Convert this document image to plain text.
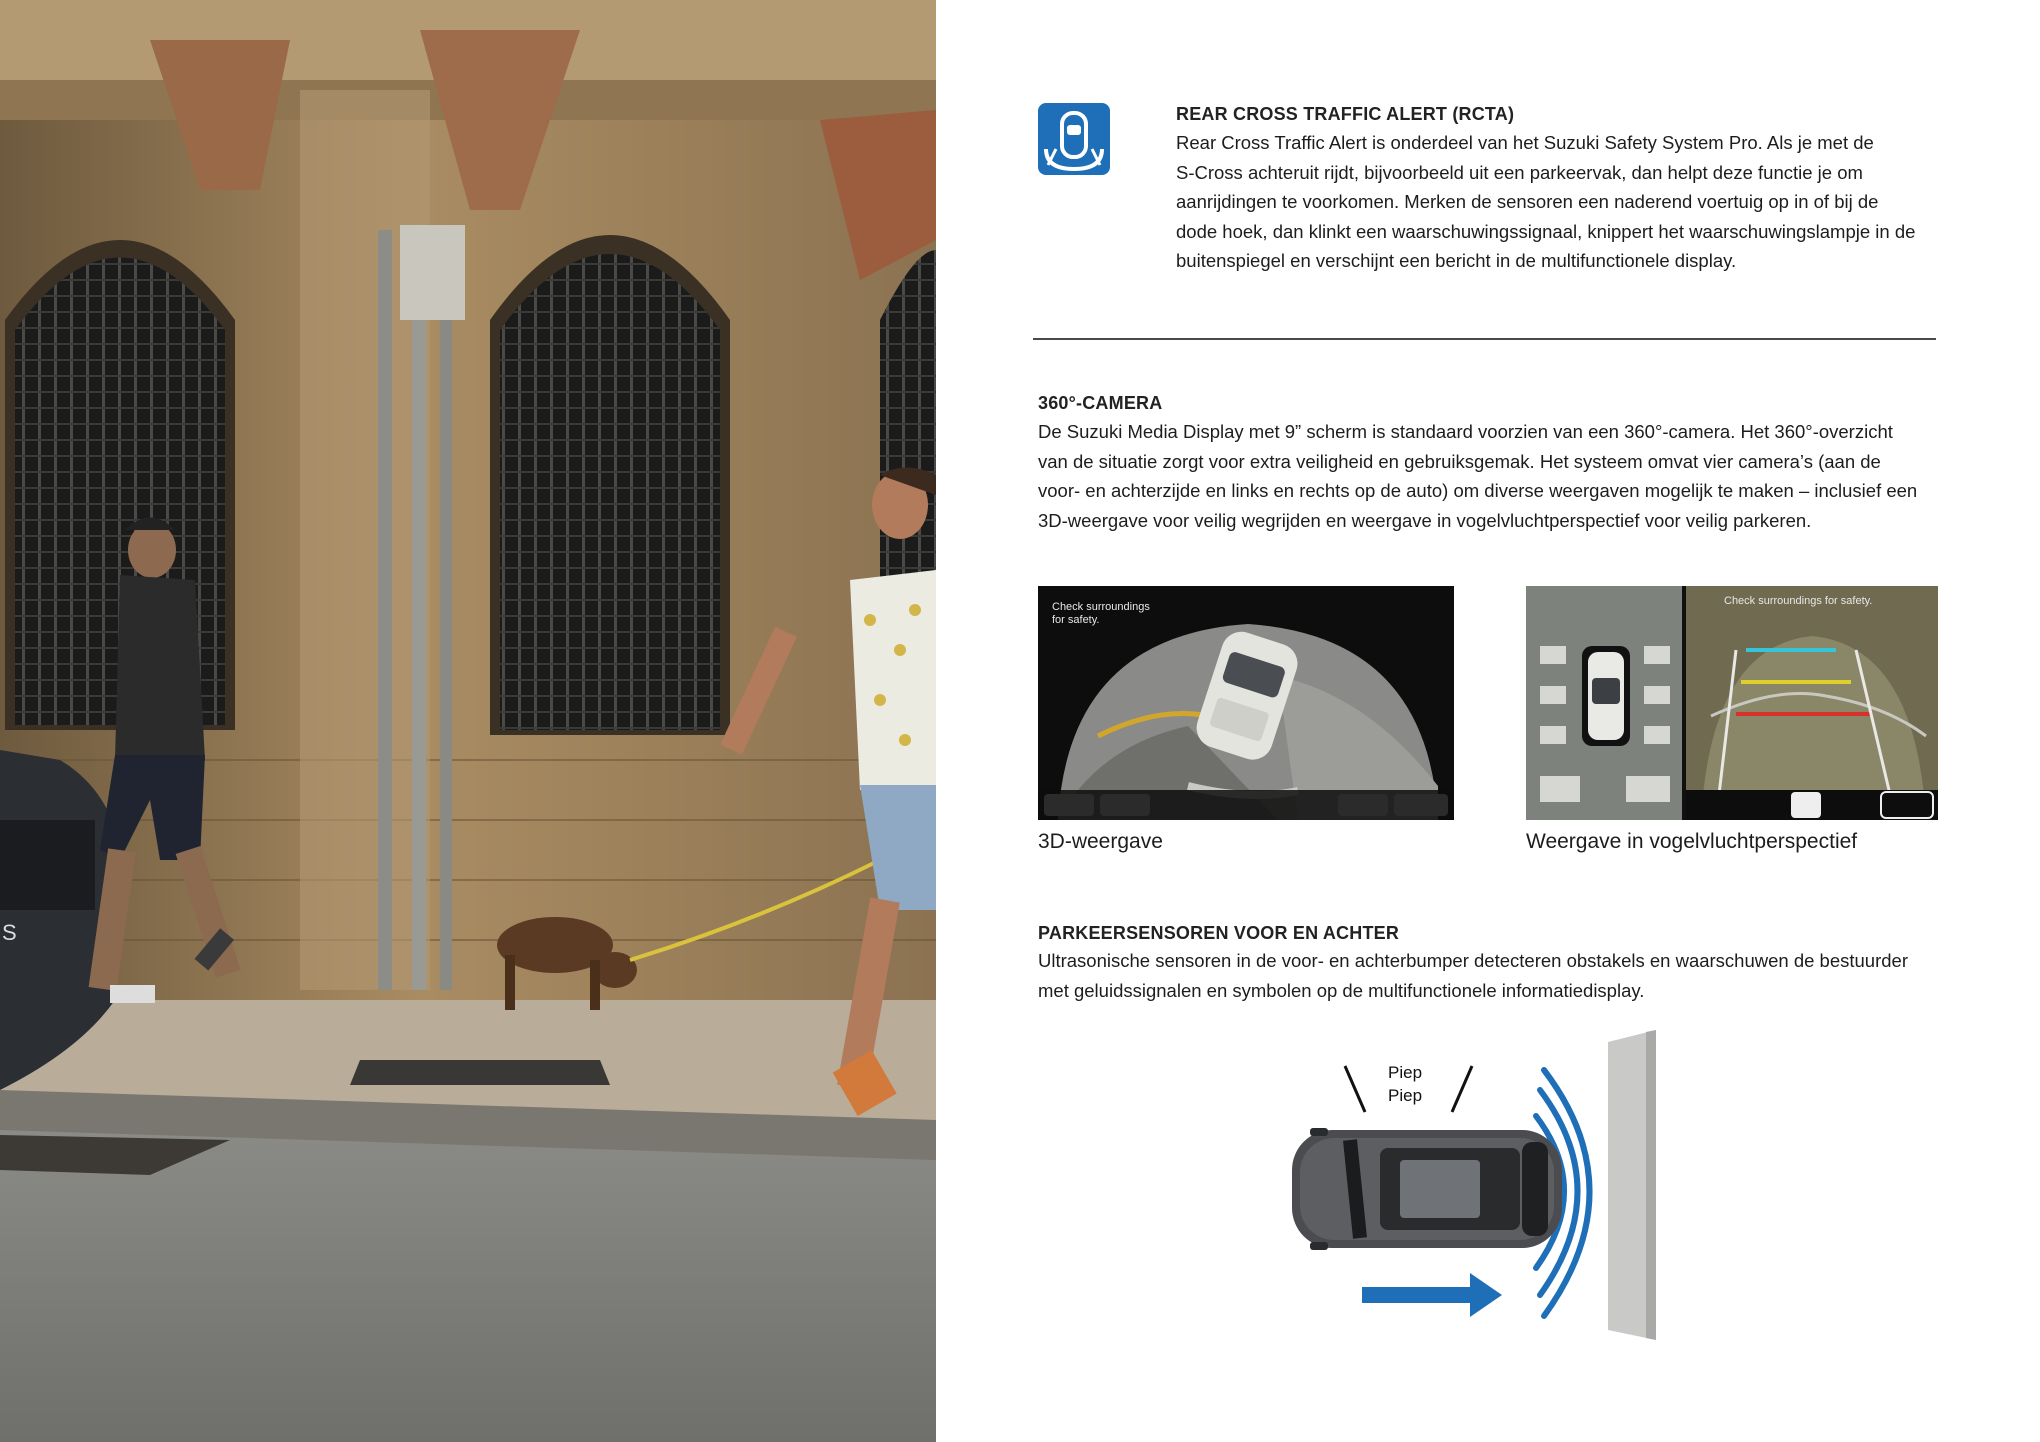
S
REAR CROSS TRAFFIC ALERT (RCTA)
Rear Cross Traffic Alert is onderdeel van het Suzuki Safety System Pro. Als je met de
S-Cross achteruit rijdt, bijvoorbeeld uit een parkeervak, dan helpt deze functie je om
aanrijdingen te voorkomen. Merken de sensoren een naderend voertuig op in of bij de
dode hoek, dan klinkt een waarschuwingssignaal, knippert het waarschuwingslampje in de
buitenspiegel en verschijnt een bericht in de multifunctionele display.
360°-CAMERA
De Suzuki Media Display met 9” scherm is standaard voorzien van een 360°-camera. Het 360°-overzicht
van de situatie zorgt voor extra veiligheid en gebruiksgemak. Het systeem omvat vier camera’s (aan de
voor- en achterzijde en links en rechts op de auto) om diverse weergaven mogelijk te maken – inclusief een
3D-weergave voor veilig wegrijden en weergave in vogelvluchtperspectief voor veilig parkeren.
Check surroundings
for safety.
3D-weergave
Check surroundings for safety.
Weergave in vogelvluchtperspectief
PARKEERSENSOREN VOOR EN ACHTER
Ultrasonische sensoren in de voor- en achterbumper detecteren obstakels en waarschuwen de bestuurder
met geluidssignalen en symbolen op de multifunctionele informatiedisplay.
Piep
Piep
